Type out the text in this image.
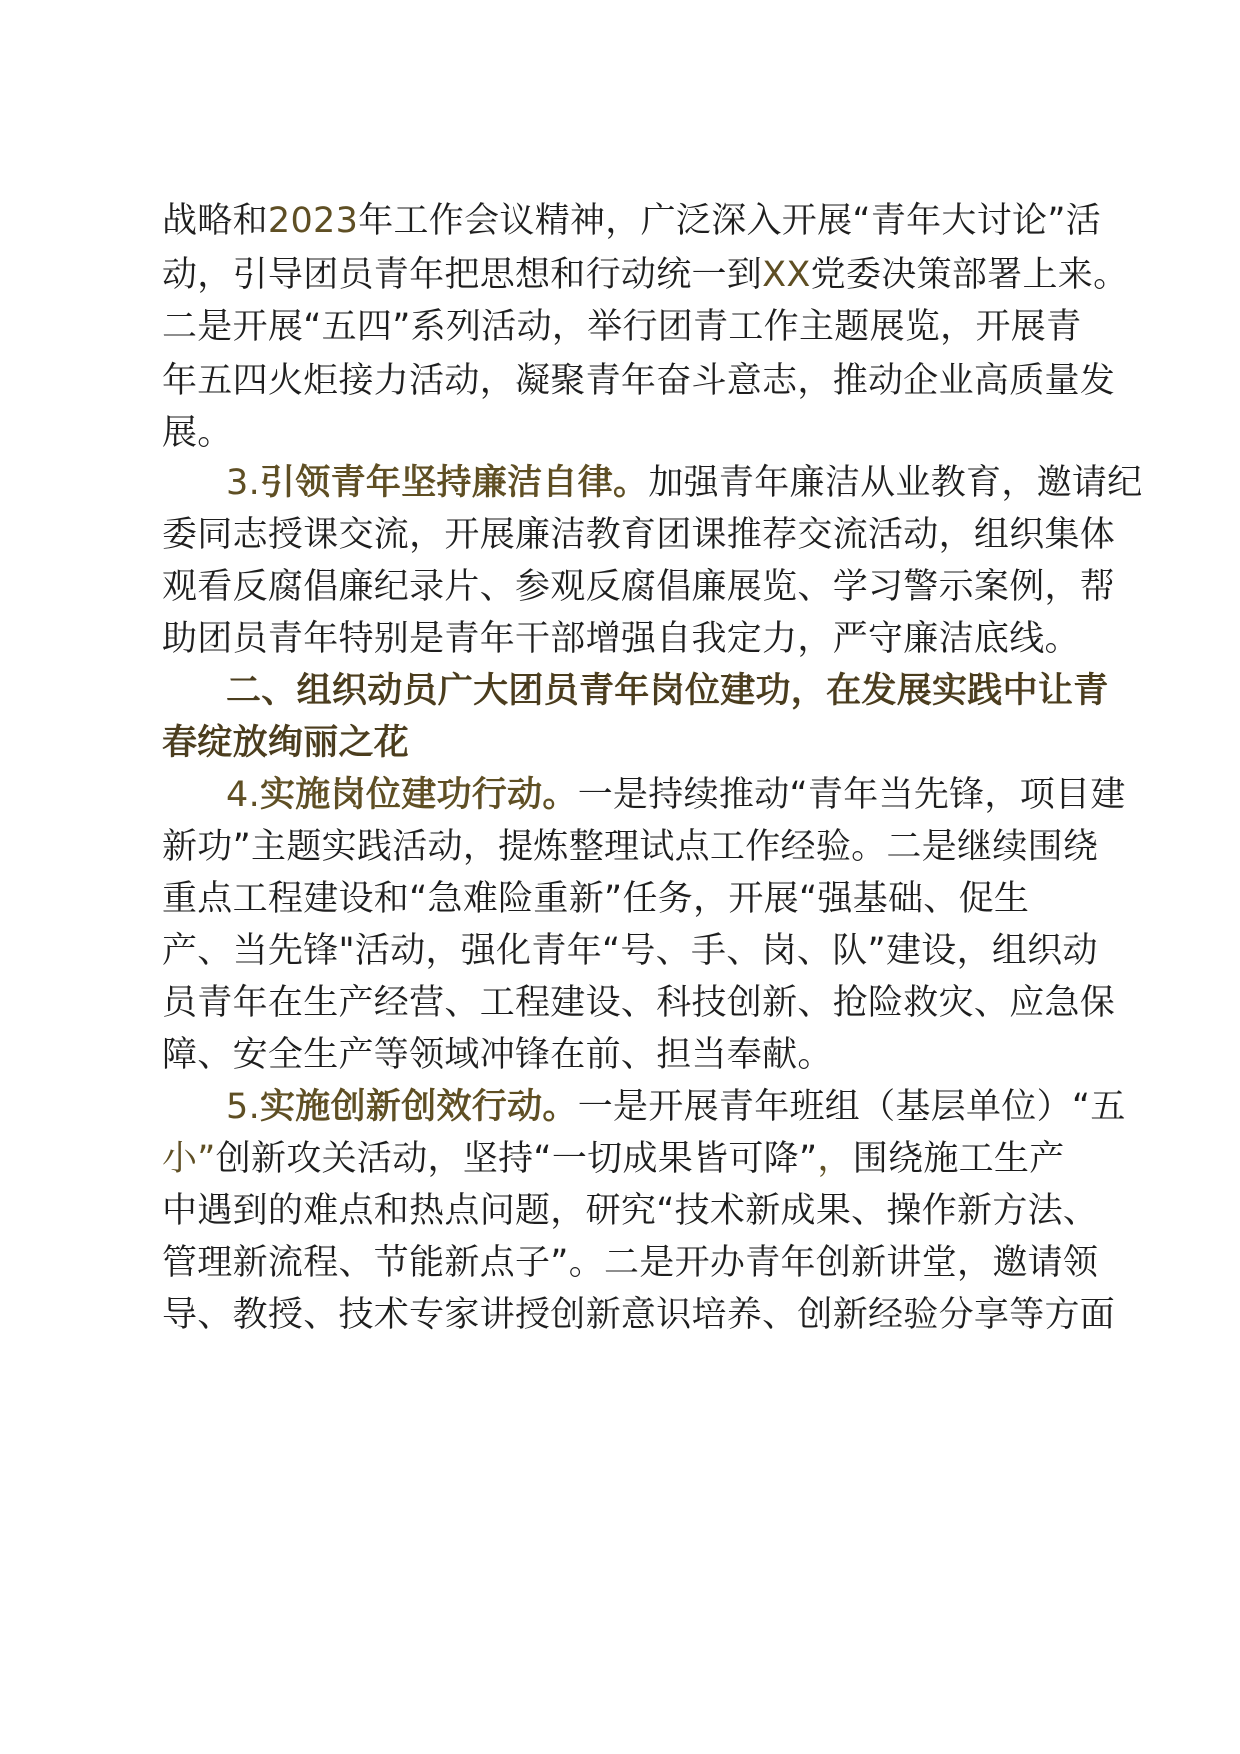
战略和2023年工作会议精神，广泛深入开展“青年大讨论”活
动，引导团员青年把思想和行动统一到XX党委决策部署上来。
二是开展“五四”系列活动，举行团青工作主题展览，开展青
年五四火炬接力活动，凝聚青年奋斗意志，推动企业高质量发
展。
3.引领青年坚持廉洁自律。加强青年廉洁从业教育，邀请纪
委同志授课交流，开展廉洁教育团课推荐交流活动，组织集体
观看反腐倡廉纪录片、参观反腐倡廉展览、学习警示案例，帮
助团员青年特别是青年干部增强自我定力，严守廉洁底线。
二、组织动员广大团员青年岗位建功，在发展实践中让青
春绽放绚丽之花
4.实施岗位建功行动。一是持续推动“青年当先锋，项目建
新功”主题实践活动，提炼整理试点工作经验。二是继续围绕
重点工程建设和“急难险重新”任务，开展“强基础、促生
产、当先锋"活动，强化青年“号、手、岗、队”建设，组织动
员青年在生产经营、工程建设、科技创新、抢险救灾、应急保
障、安全生产等领域冲锋在前、担当奉献。
5.实施创新创效行动。一是开展青年班组（基层单位）“五
小”创新攻关活动，坚持“一切成果皆可降”，围绕施工生产
中遇到的难点和热点问题，研究“技术新成果、操作新方法、
管理新流程、节能新点子”。二是开办青年创新讲堂，邀请领
导、教授、技术专家讲授创新意识培养、创新经验分享等方面
